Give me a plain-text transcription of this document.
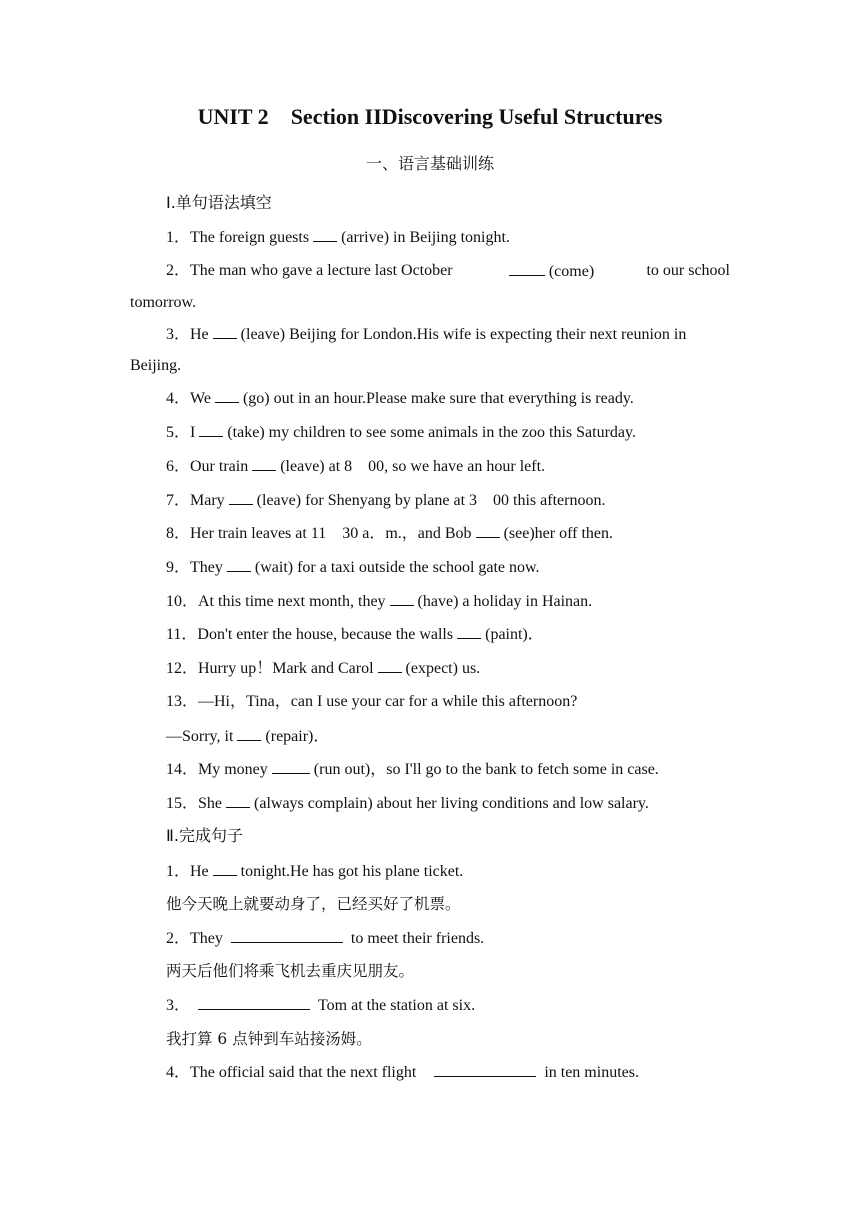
UNIT 2 Section IIDiscovering Useful Structures
一、语言基础训练
Ⅰ.单句语法填空
1．The foreign guests (arrive) in Beijing tonight.
2．The man who gave a lecture last October	(come)	to our school
tomorrow.
3．He (leave) Beijing for London.His wife is expecting their next reunion in
Beijing.
4．We (go) out in an hour.Please make sure that everything is ready.
5．I (take) my children to see some animals in the zoo this Saturday.
6．Our train (leave) at 8　00, so we have an hour left.
7．Mary (leave) for Shenyang by plane at 3　00 this afternoon.
8．Her train leaves at 11　30 a．m.，and Bob (see)her off then.
9．They (wait) for a taxi outside the school gate now.
10．At this time next month, they (have) a holiday in Hainan.
11．Don't enter the house, because the walls (paint)．
12．Hurry up！Mark and Carol (expect) us.
13．—Hi，Tina，can I use your car for a while this afternoon?
—Sorry, it (repair)．
14．My money	(run out)，so I'll go to the bank to fetch some in case.
15．She (always complain) about her living conditions and low salary.
Ⅱ.完成句子
1．He tonight.He has got his plane ticket.
他今天晚上就要动身了，已经买好了机票。
2．They	to meet their friends.
两天后他们将乘飞机去重庆见朋友。
3．	Tom at the station at six.
我打算 6 点钟到车站接汤姆。
4．The official said that the next flight	in ten minutes.
